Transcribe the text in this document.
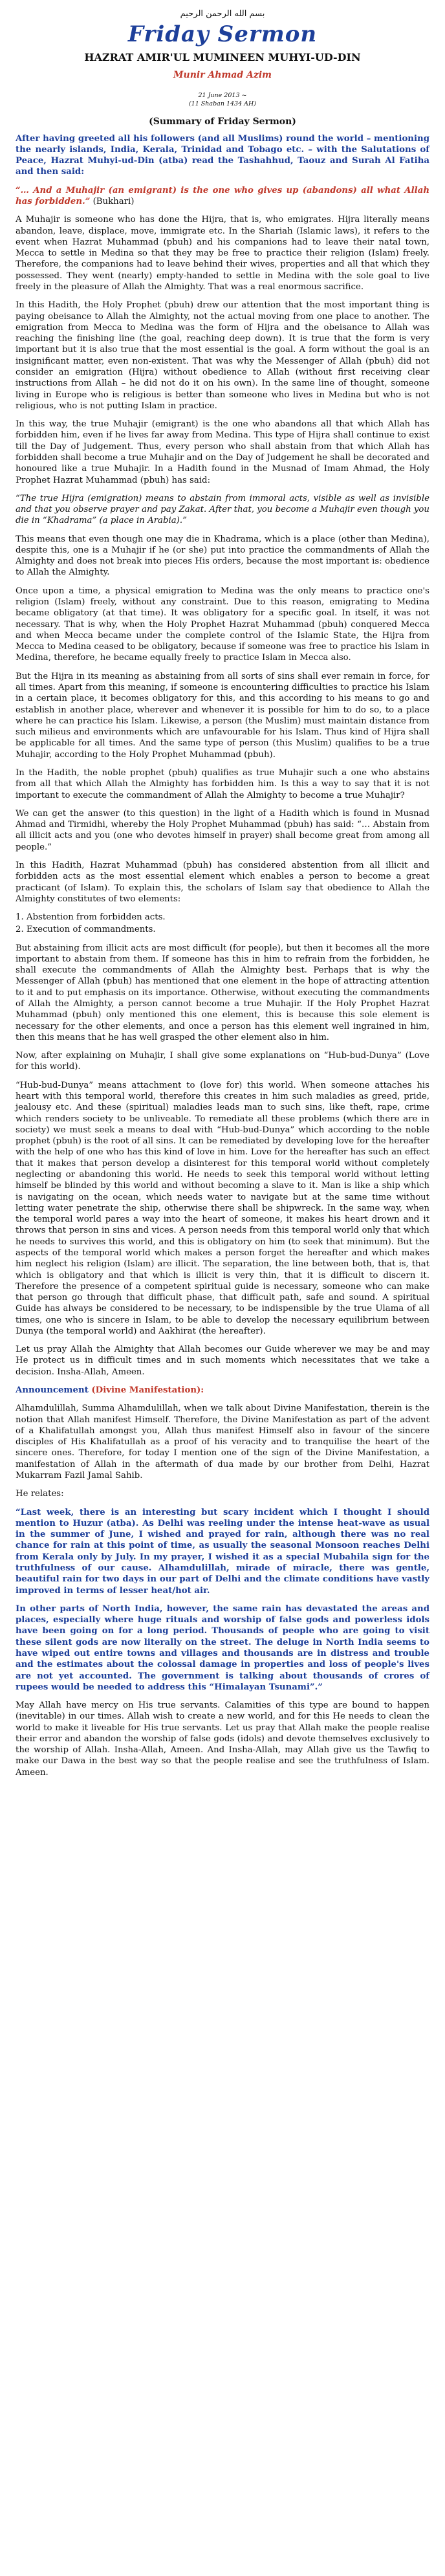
بسم الله الرحمن الرحيم
Friday Sermon
HAZRAT AMIR'UL MUMINEEN MUHYI-UD-DIN
Munir Ahmad Azim
21 June 2013 ~
(11 Shaban 1434 AH)
(Summary of Friday Sermon)

After having greeted all his followers (and all Muslims) round the world – mentioning the nearly islands, India, Kerala, Trinidad and Tobago etc. – with the Salutations of Peace, Hazrat Muhyi-ud-Din (atba) read the Tashahhud, Taouz and Surah Al Fatiha and then said:

“… And a Muhajir (an emigrant) is the one who gives up (abandons) all what Allah has forbidden.” (Bukhari)

A Muhajir is someone who has done the Hijra, that is, who emigrates. Hijra literally means abandon, leave, displace, move, immigrate etc. In the Shariah (Islamic laws), it refers to the event when Hazrat Muhammad (pbuh) and his companions had to leave their natal town, Mecca to settle in Medina so that they may be free to practice their religion (Islam) freely. Therefore, the companions had to leave behind their wives, properties and all that which they possessed. They went (nearly) empty-handed to settle in Medina with the sole goal to live freely in the pleasure of Allah the Almighty. That was a real enormous sacrifice.

In this Hadith, the Holy Prophet (pbuh) drew our attention that the most important thing is paying obeisance to Allah the Almighty, not the actual moving from one place to another. The emigration from Mecca to Medina was the form of Hijra and the obeisance to Allah was reaching the finishing line (the goal, reaching deep down). It is true that the form is very important but it is also true that the most essential is the goal. A form without the goal is an insignificant matter, even non-existent. That was why the Messenger of Allah (pbuh) did not consider an emigration (Hijra) without obedience to Allah (without first receiving clear instructions from Allah – he did not do it on his own). In the same line of thought, someone living in Europe who is religious is better than someone who lives in Medina but who is not religious, who is not putting Islam in practice.

In this way, the true Muhajir (emigrant) is the one who abandons all that which Allah has forbidden him, even if he lives far away from Medina. This type of Hijra shall continue to exist till the Day of Judgement. Thus, every person who shall abstain from that which Allah has forbidden shall become a true Muhajir and on the Day of Judgement he shall be decorated and honoured like a true Muhajir. In a Hadith found in the Musnad of Imam Ahmad, the Holy Prophet Hazrat Muhammad (pbuh) has said:

“The true Hijra (emigration) means to abstain from immoral acts, visible as well as invisible and that you observe prayer and pay Zakat. After that, you become a Muhajir even though you die in “Khadrama” (a place in Arabia).”

This means that even though one may die in Khadrama, which is a place (other than Medina), despite this, one is a Muhajir if he (or she) put into practice the commandments of Allah the Almighty and does not break into pieces His orders, because the most important is: obedience to Allah the Almighty.

Once upon a time, a physical emigration to Medina was the only means to practice one's religion (Islam) freely, without any constraint. Due to this reason, emigrating to Medina became obligatory (at that time). It was obligatory for a specific goal. In itself, it was not necessary. That is why, when the Holy Prophet Hazrat Muhammad (pbuh) conquered Mecca and when Mecca became under the complete control of the Islamic State, the Hijra from Mecca to Medina ceased to be obligatory, because if someone was free to practice his Islam in Medina, therefore, he became equally freely to practice Islam in Mecca also.

But the Hijra in its meaning as abstaining from all sorts of sins shall ever remain in force, for all times. Apart from this meaning, if someone is encountering difficulties to practice his Islam in a certain place, it becomes obligatory for this, and this according to his means to go and establish in another place, wherever and whenever it is possible for him to do so, to a place where he can practice his Islam. Likewise, a person (the Muslim) must maintain distance from such milieus and environments which are unfavourable for his Islam. Thus kind of Hijra shall be applicable for all times. And the same type of person (this Muslim) qualifies to be a true Muhajir, according to the Holy Prophet Muhammad (pbuh).

In the Hadith, the noble prophet (pbuh) qualifies as true Muhajir such a one who abstains from all that which Allah the Almighty has forbidden him. Is this a way to say that it is not important to execute the commandment of Allah the Almighty to become a true Muhajir?

We can get the answer (to this question) in the light of a Hadith which is found in Musnad Ahmad and Tirmidhi, whereby the Holy Prophet Muhammad (pbuh) has said: “… Abstain from all illicit acts and you (one who devotes himself in prayer) shall become great from among all people.”

In this Hadith, Hazrat Muhammad (pbuh) has considered abstention from all illicit and forbidden acts as the most essential element which enables a person to become a great practicant (of Islam). To explain this, the scholars of Islam say that obedience to Allah the Almighty constitutes of two elements:

1. Abstention from forbidden acts.

2. Execution of commandments.

But abstaining from illicit acts are most difficult (for people), but then it becomes all the more important to abstain from them. If someone has this in him to refrain from the forbidden, he shall execute the commandments of Allah the Almighty best. Perhaps that is why the Messenger of Allah (pbuh) has mentioned that one element in the hope of attracting attention to it and to put emphasis on its importance. Otherwise, without executing the commandments of Allah the Almighty, a person cannot become a true Muhajir. If the Holy Prophet Hazrat Muhammad (pbuh) only mentioned this one element, this is because this sole element is necessary for the other elements, and once a person has this element well ingrained in him, then this means that he has well grasped the other element also in him.

Now, after explaining on Muhajir, I shall give some explanations on “Hub-bud-Dunya” (Love for this world).

“Hub-bud-Dunya” means attachment to (love for) this world. When someone attaches his heart with this temporal world, therefore this creates in him such maladies as greed, pride, jealousy etc. And these (spiritual) maladies leads man to such sins, like theft, rape, crime which renders society to be unliveable. To remediate all these problems (which there are in society) we must seek a means to deal with “Hub-bud-Dunya” which according to the noble prophet (pbuh) is the root of all sins. It can be remediated by developing love for the hereafter with the help of one who has this kind of love in him. Love for the hereafter has such an effect that it makes that person develop a disinterest for this temporal world without completely neglecting or abandoning this world. He needs to seek this temporal world without letting himself be blinded by this world and without becoming a slave to it. Man is like a ship which is navigating on the ocean, which needs water to navigate but at the same time without letting water penetrate the ship, otherwise there shall be shipwreck. In the same way, when the temporal world pares a way into the heart of someone, it makes his heart drown and it throws that person in sins and vices. A person needs from this temporal world only that which he needs to survives this world, and this is obligatory on him (to seek that minimum). But the aspects of the temporal world which makes a person forget the hereafter and which makes him neglect his religion (Islam) are illicit. The separation, the line between both, that is, that which is obligatory and that which is illicit is very thin, that it is difficult to discern it. Therefore the presence of a competent spiritual guide is necessary, someone who can make that person go through that difficult phase, that difficult path, safe and sound. A spiritual Guide has always be considered to be necessary, to be indispensible by the true Ulama of all times, one who is sincere in Islam, to be able to develop the necessary equilibrium between Dunya (the temporal world) and Aakhirat (the hereafter).

Let us pray Allah the Almighty that Allah becomes our Guide wherever we may be and may He protect us in difficult times and in such moments which necessitates that we take a decision. Insha-Allah, Ameen.

Announcement (Divine Manifestation):

Alhamdulillah, Summa Alhamdulillah, when we talk about Divine Manifestation, therein is the notion that Allah manifest Himself. Therefore, the Divine Manifestation as part of the advent of a Khalifatullah amongst you, Allah thus manifest Himself also in favour of the sincere disciples of His Khalifatullah as a proof of his veracity and to tranquilise the heart of the sincere ones. Therefore, for today I mention one of the sign of the Divine Manifestation, a manifestation of Allah in the aftermath of dua made by our brother from Delhi, Hazrat Mukarram Fazil Jamal Sahib.

He relates:

“Last week, there is an interesting but scary incident which I thought I should mention to Huzur (atba). As Delhi was reeling under the intense heat-wave as usual in the summer of June, I wished and prayed for rain, although there was no real chance for rain at this point of time, as usually the seasonal Monsoon reaches Delhi from Kerala only by July. In my prayer, I wished it as a special Mubahila sign for the truthfulness of our cause. Alhamdulillah, mirade of miracle, there was gentle, beautiful rain for two days in our part of Delhi and the climate conditions have vastly improved in terms of lesser heat/hot air.

In other parts of North India, however, the same rain has devastated the areas and places, especially where huge rituals and worship of false gods and powerless idols have been going on for a long period. Thousands of people who are going to visit these silent gods are now literally on the street. The deluge in North India seems to have wiped out entire towns and villages and thousands are in distress and trouble and the estimates about the colossal damage in properties and loss of people's lives are not yet accounted. The government is talking about thousands of crores of rupees would be needed to address this “Himalayan Tsunami”.”

May Allah have mercy on His true servants. Calamities of this type are bound to happen (inevitable) in our times. Allah wish to create a new world, and for this He needs to clean the world to make it liveable for His true servants. Let us pray that Allah make the people realise their error and abandon the worship of false gods (idols) and devote themselves exclusively to the worship of Allah. Insha-Allah, Ameen. And Insha-Allah, may Allah give us the Tawfiq to make our Dawa in the best way so that the people realise and see the truthfulness of Islam. Ameen.
